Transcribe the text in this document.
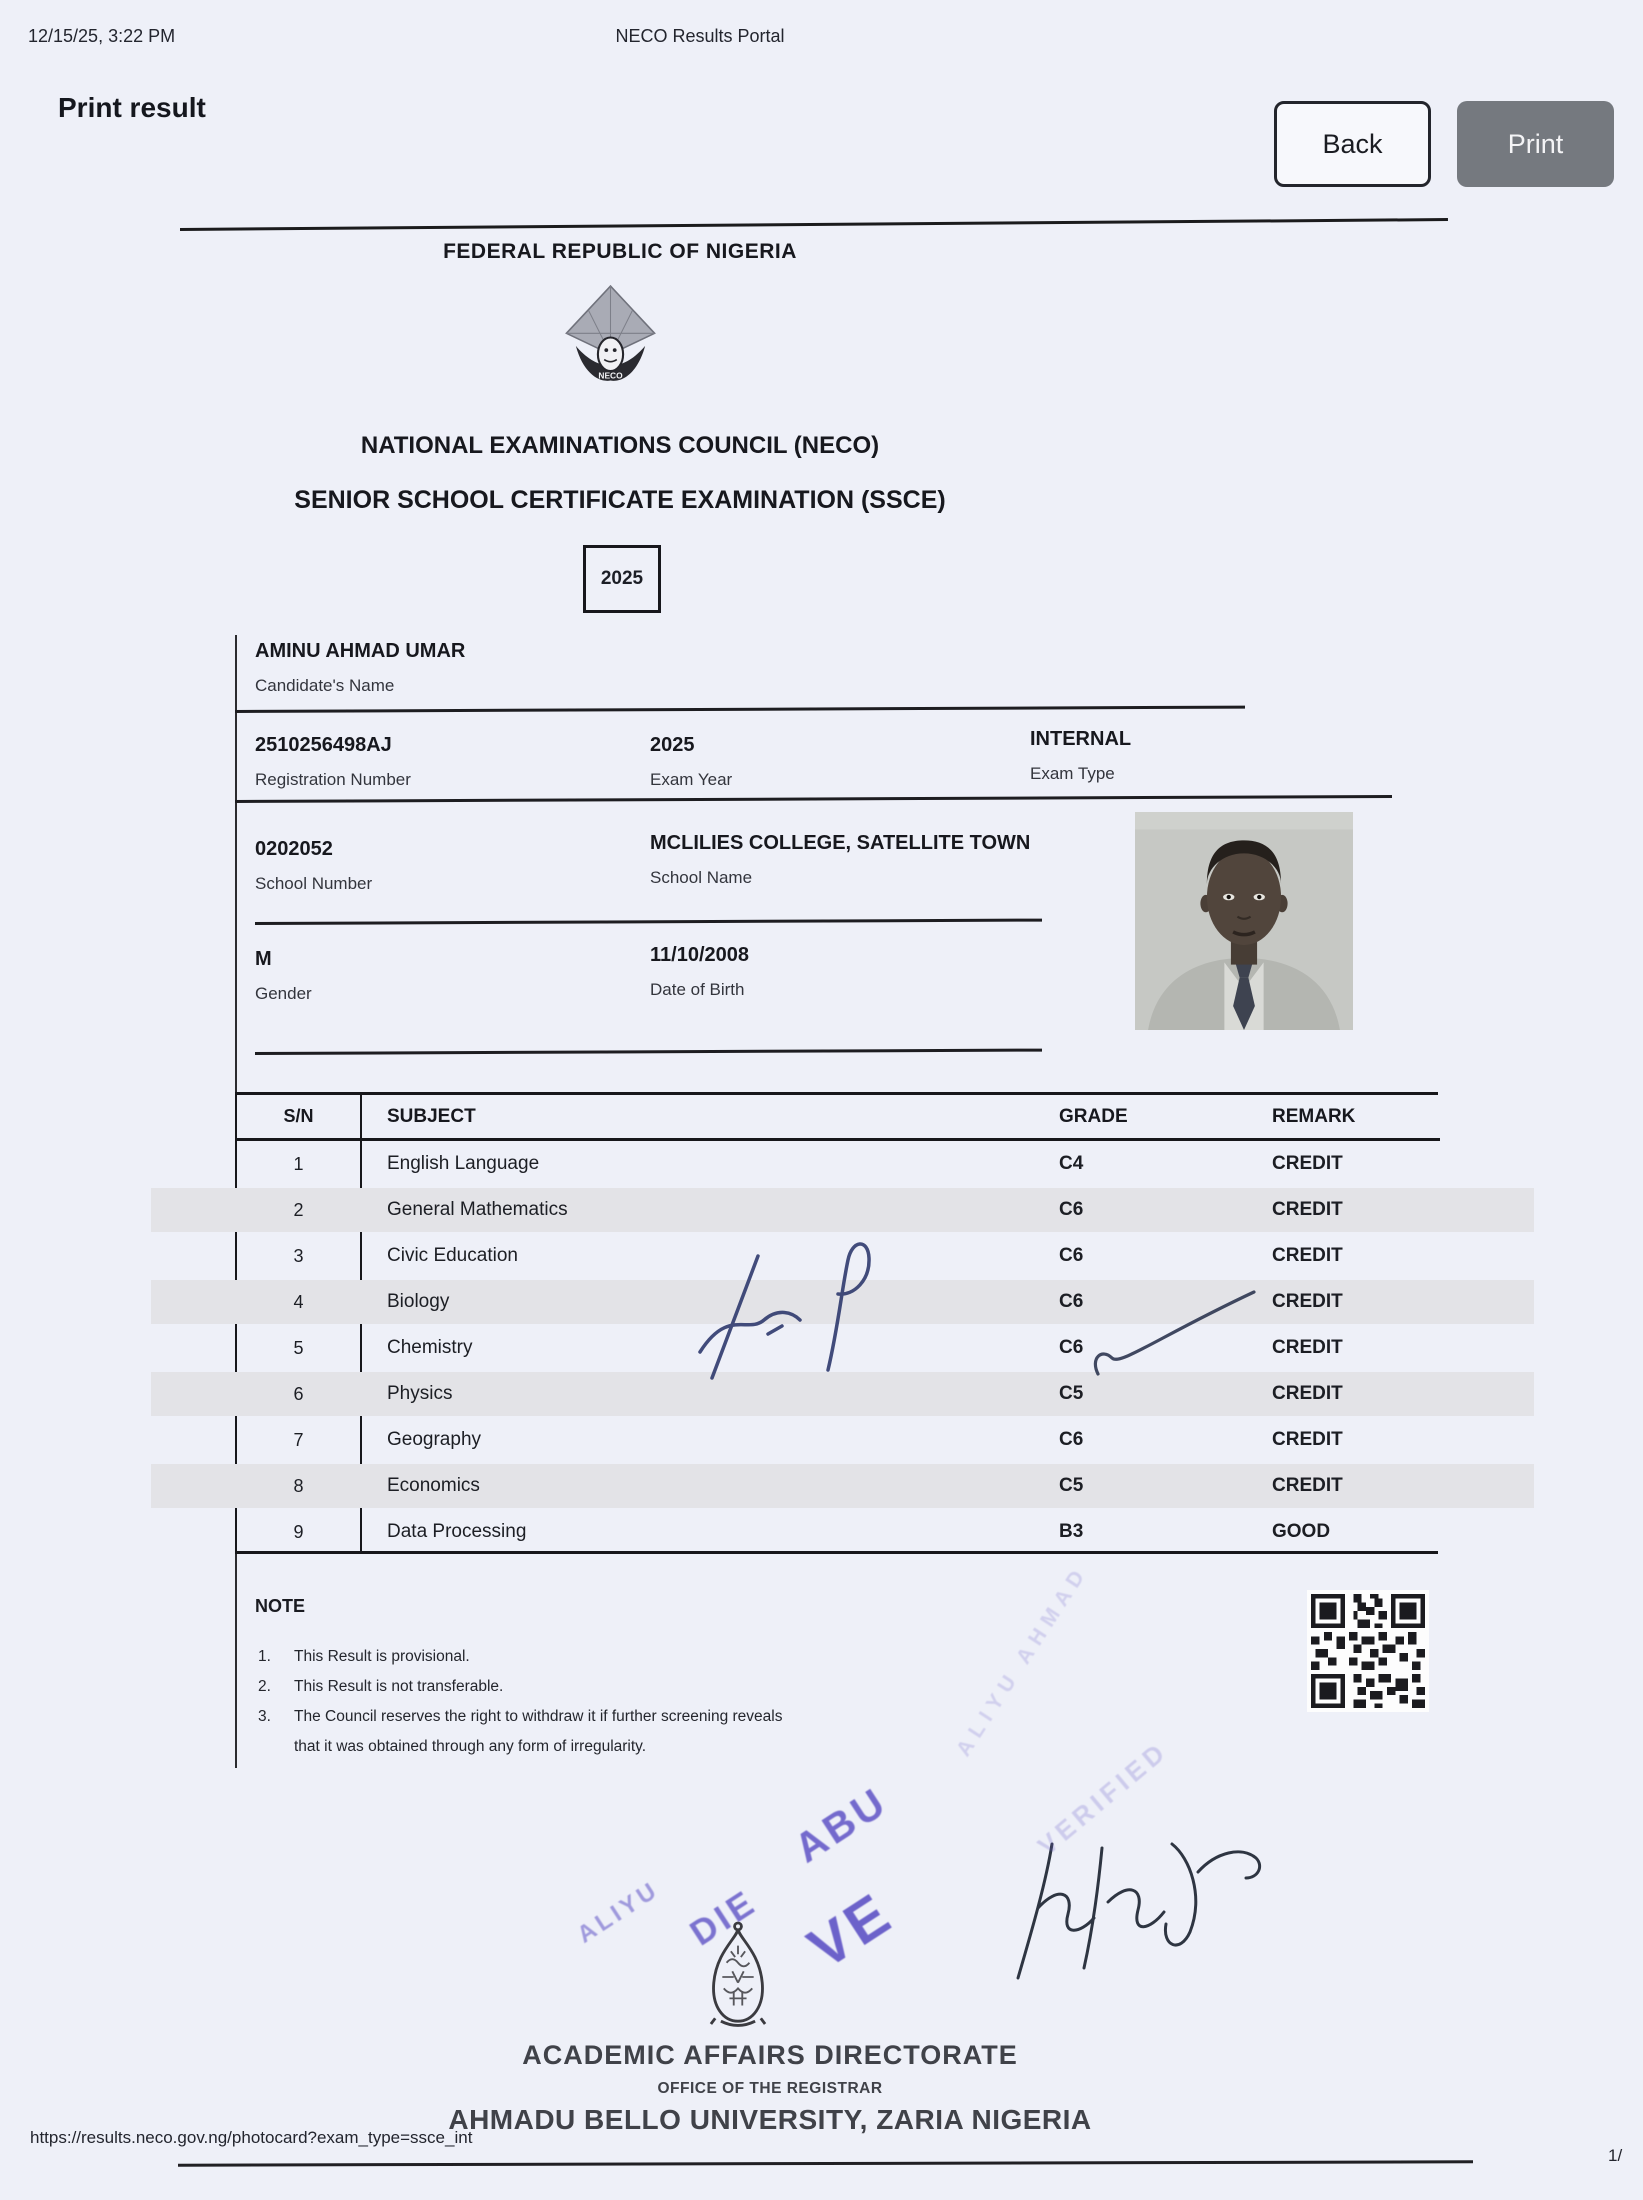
12/15/25, 3:22 PM	NECO Results Portal
Print result
Back	Print
FEDERAL REPUBLIC OF NIGERIA
NECO
NATIONAL EXAMINATIONS COUNCIL (NECO)
SENIOR SCHOOL CERTIFICATE EXAMINATION (SSCE)
2025
AMINU AHMAD UMAR
Candidate's Name
2510256498AJ
Registration Number
2025
Exam Year
INTERNAL
Exam Type
0202052
School Number
MCLILIES COLLEGE, SATELLITE TOWN
School Name
M
Gender
11/10/2008
Date of Birth
S/N	SUBJECT	GRADE	REMARK
1	English Language	C4	CREDIT
2	General Mathematics	C6	CREDIT
3	Civic Education	C6	CREDIT
4	Biology	C6	CREDIT
5	Chemistry	C6	CREDIT
6	Physics	C5	CREDIT
7	Geography	C6	CREDIT
8	Economics	C5	CREDIT
9	Data Processing	B3	GOOD
NOTE
1.	This Result is provisional.
2.	This Result is not transferable.
3.	The Council reserves the right to withdraw it if further screening reveals that it was obtained through any form of irregularity.	ALIYU AHMAD
VERIFIED
ALIYU DIE
ABU
VE
ACADEMIC AFFAIRS DIRECTORATE
OFFICE OF THE REGISTRAR
AHMADU BELLO UNIVERSITY, ZARIA NIGERIA
https://results.neco.gov.ng/photocard?exam_type=ssce_int
1/
